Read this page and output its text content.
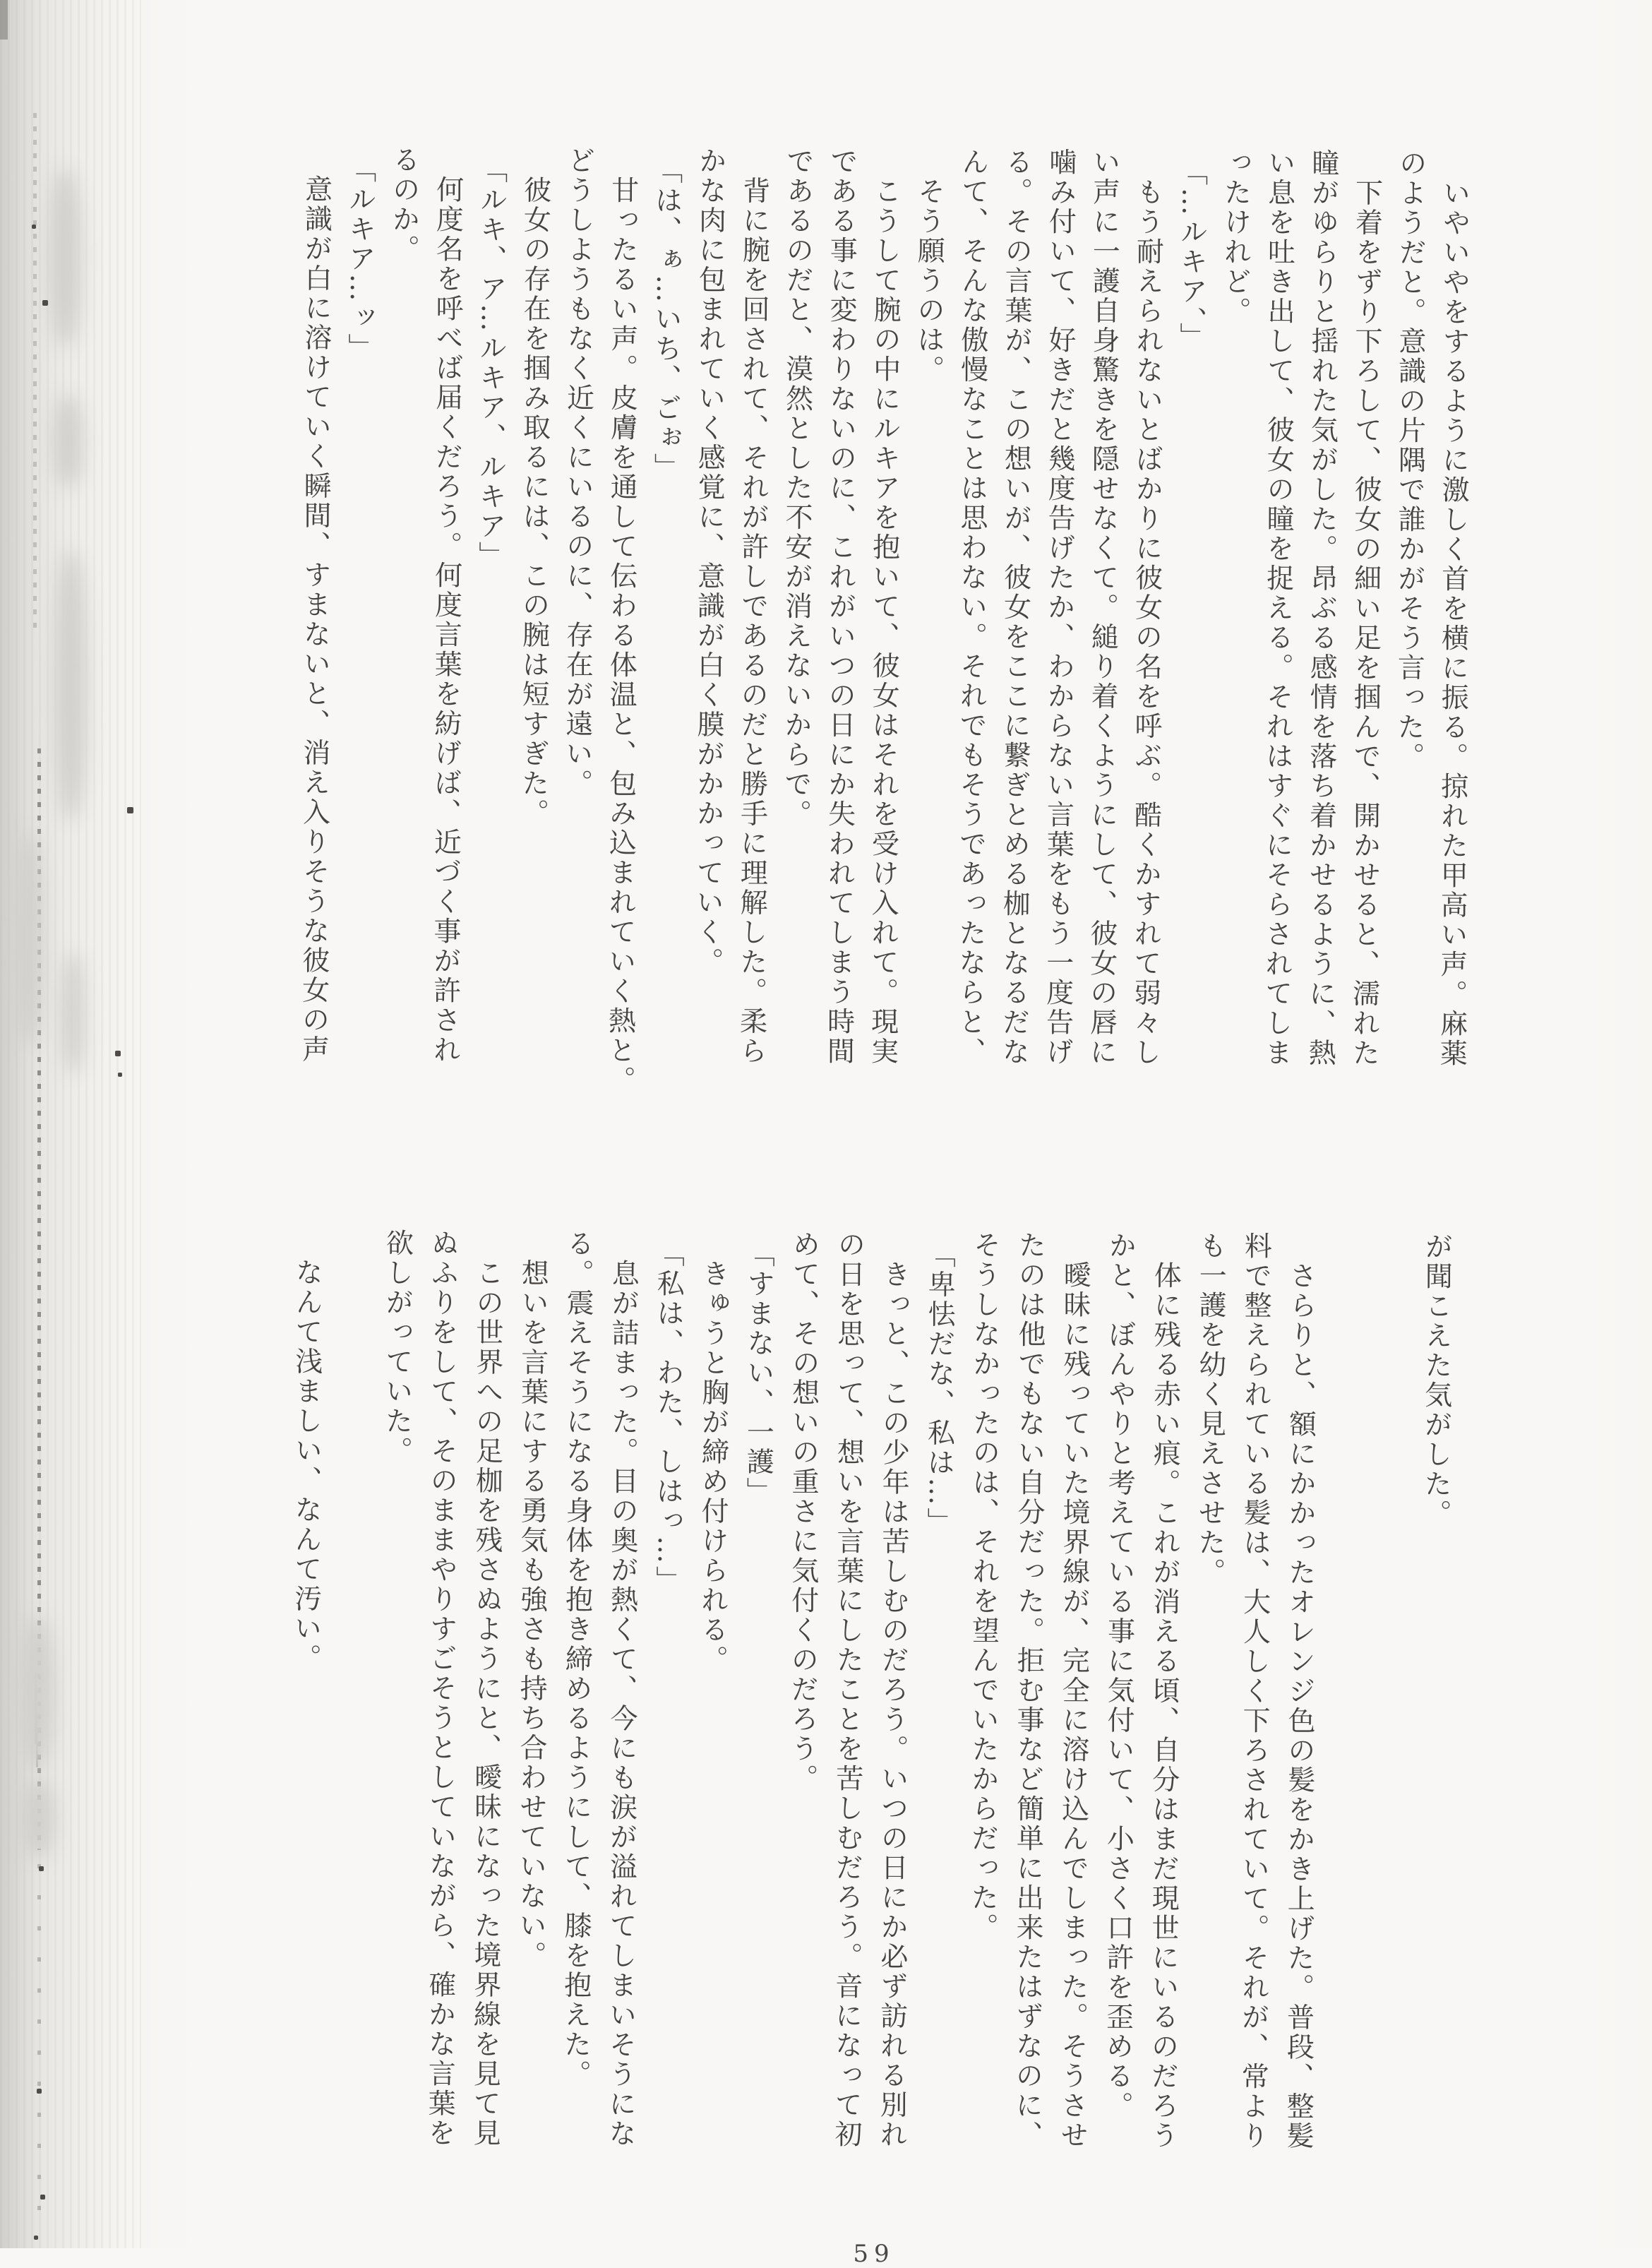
いやいやをするように激しく首を横に振る。掠れた甲高い声。麻薬
のようだと。意識の片隅で誰かがそう言った。
下着をずり下ろして、彼女の細い足を掴んで、開かせると、濡れた
瞳がゆらりと揺れた気がした。昂ぶる感情を落ち着かせるように、熱
い息を吐き出して、彼女の瞳を捉える。それはすぐにそらされてしま
ったけれど。
「…ルキア、」
もう耐えられないとばかりに彼女の名を呼ぶ。酷くかすれて弱々し
い声に一護自身驚きを隠せなくて。縋り着くようにして、彼女の唇に
噛み付いて、好きだと幾度告げたか、わからない言葉をもう一度告げ
る。その言葉が、この想いが、彼女をここに繋ぎとめる枷となるだな
んて、そんな傲慢なことは思わない。それでもそうであったならと、
そう願うのは。
こうして腕の中にルキアを抱いて、彼女はそれを受け入れて。現実
である事に変わりないのに、これがいつの日にか失われてしまう時間
であるのだと、漠然とした不安が消えないからで。
背に腕を回されて、それが許しであるのだと勝手に理解した。柔ら
かな肉に包まれていく感覚に、意識が白く膜がかかっていく。
「は、ぁ…いち、ごぉ」
甘ったるい声。皮膚を通して伝わる体温と、包み込まれていく熱と。
どうしようもなく近くにいるのに、存在が遠い。
彼女の存在を掴み取るには、この腕は短すぎた。
「ルキ、ア…ルキア、ルキア」
何度名を呼べば届くだろう。何度言葉を紡げば、近づく事が許され
るのか。
「ルキア…ッ」
意識が白に溶けていく瞬間、すまないと、消え入りそうな彼女の声
が聞こえた気がした。
さらりと、額にかかったオレンジ色の髪をかき上げた。普段、整髪
料で整えられている髪は、大人しく下ろされていて。それが、常より
も一護を幼く見えさせた。
体に残る赤い痕。これが消える頃、自分はまだ現世にいるのだろう
かと、ぼんやりと考えている事に気付いて、小さく口許を歪める。
曖昧に残っていた境界線が、完全に溶け込んでしまった。そうさせ
たのは他でもない自分だった。拒む事など簡単に出来たはずなのに、
そうしなかったのは、それを望んでいたからだった。
「卑怯だな、私は…」
きっと、この少年は苦しむのだろう。いつの日にか必ず訪れる別れ
の日を思って、想いを言葉にしたことを苦しむだろう。音になって初
めて、その想いの重さに気付くのだろう。
「すまない、一護」
きゅうと胸が締め付けられる。
「私は、わた、しはっ…」
息が詰まった。目の奥が熱くて、今にも涙が溢れてしまいそうにな
る。震えそうになる身体を抱き締めるようにして、膝を抱えた。
想いを言葉にする勇気も強さも持ち合わせていない。
この世界への足枷を残さぬようにと、曖昧になった境界線を見て見
ぬふりをして、そのままやりすごそうとしていながら、確かな言葉を
欲しがっていた。
なんて浅ましい、なんて汚い。
59
